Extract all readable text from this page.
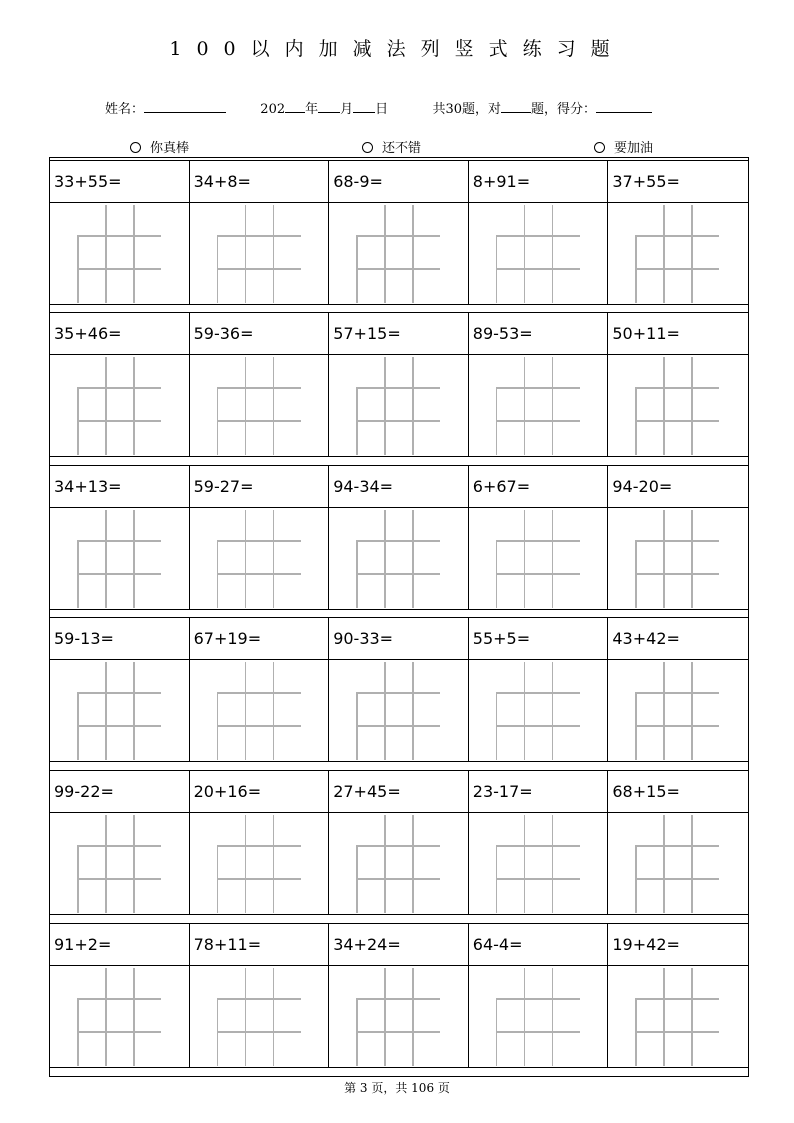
100以内加减法列竖式练习题
姓名：	202 年 月 日	共30题，对 题，得分：
你真棒	还不错	要加油
33+55=	34+8=	68-9=	8+91=	37+55=
35+46=	59-36=	57+15=	89-53=	50+11=
34+13=	59-27=	94-34=	6+67=	94-20=
59-13=	67+19=	90-33=	55+5=	43+42=
99-22=	20+16=	27+45=	23-17=	68+15=
91+2=	78+11=	34+24=	64-4=	19+42=
第 3 页，共 106 页
